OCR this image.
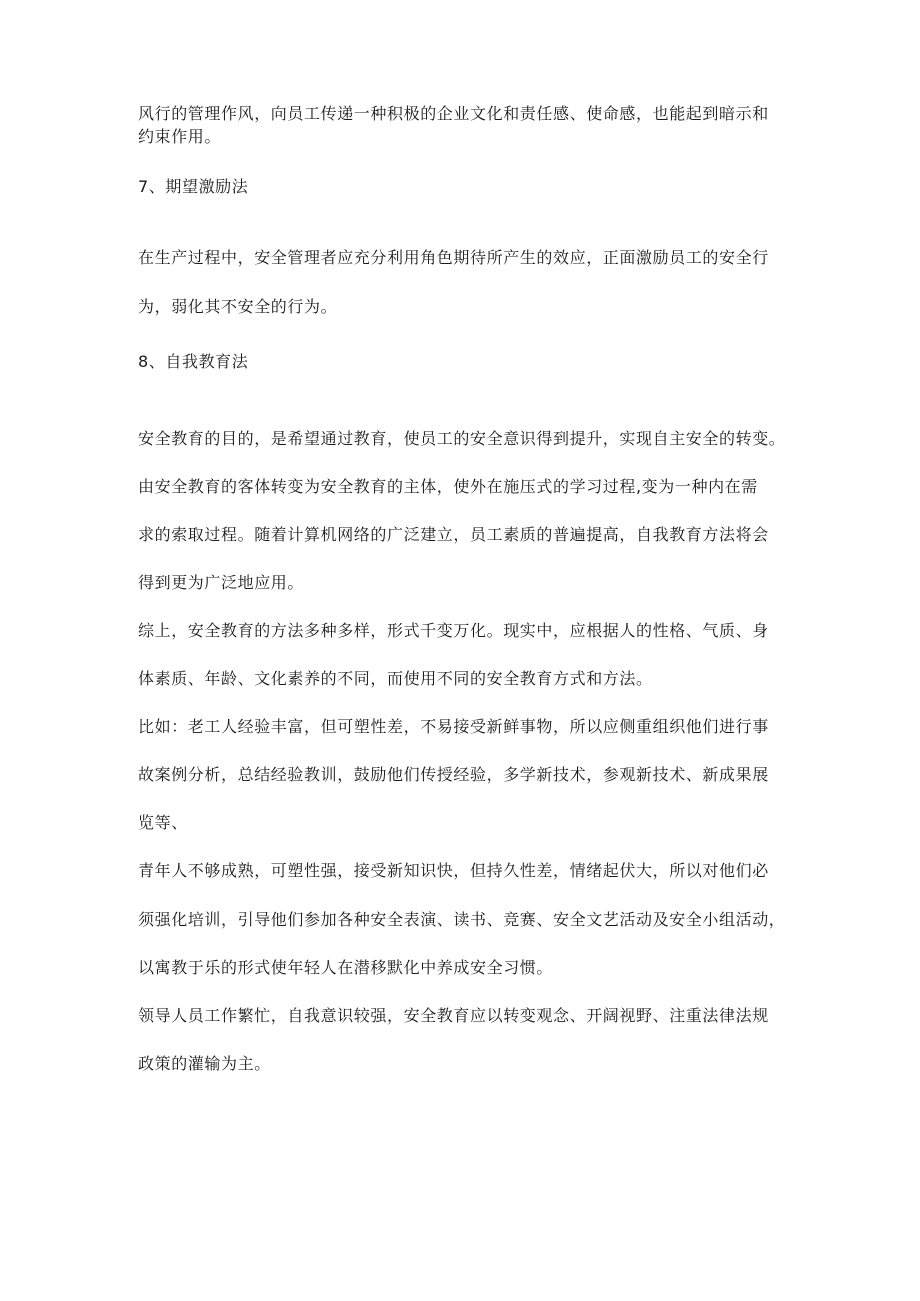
风行的管理作风，向员工传递一种积极的企业文化和责任感、使命感，也能起到暗示和
约束作用。
7、期望激励法
在生产过程中，安全管理者应充分利用角色期待所产生的效应，正面激励员工的安全行
为，弱化其不安全的行为。
8、自我教育法
安全教育的目的，是希望通过教育，使员工的安全意识得到提升，实现自主安全的转变。
由安全教育的客体转变为安全教育的主体，使外在施压式的学习过程,变为一种内在需
求的索取过程。随着计算机网络的广泛建立，员工素质的普遍提高，自我教育方法将会
得到更为广泛地应用。
综上，安全教育的方法多种多样，形式千变万化。现实中，应根据人的性格、气质、身
体素质、年龄、文化素养的不同，而使用不同的安全教育方式和方法。
比如：老工人经验丰富，但可塑性差，不易接受新鲜事物，所以应侧重组织他们进行事
故案例分析，总结经验教训，鼓励他们传授经验，多学新技术，参观新技术、新成果展
览等、
青年人不够成熟，可塑性强，接受新知识快，但持久性差，情绪起伏大，所以对他们必
须强化培训，引导他们参加各种安全表演、读书、竞赛、安全文艺活动及安全小组活动，
以寓教于乐的形式使年轻人在潜移默化中养成安全习惯。
领导人员工作繁忙，自我意识较强，安全教育应以转变观念、开阔视野、注重法律法规
政策的灌输为主。
